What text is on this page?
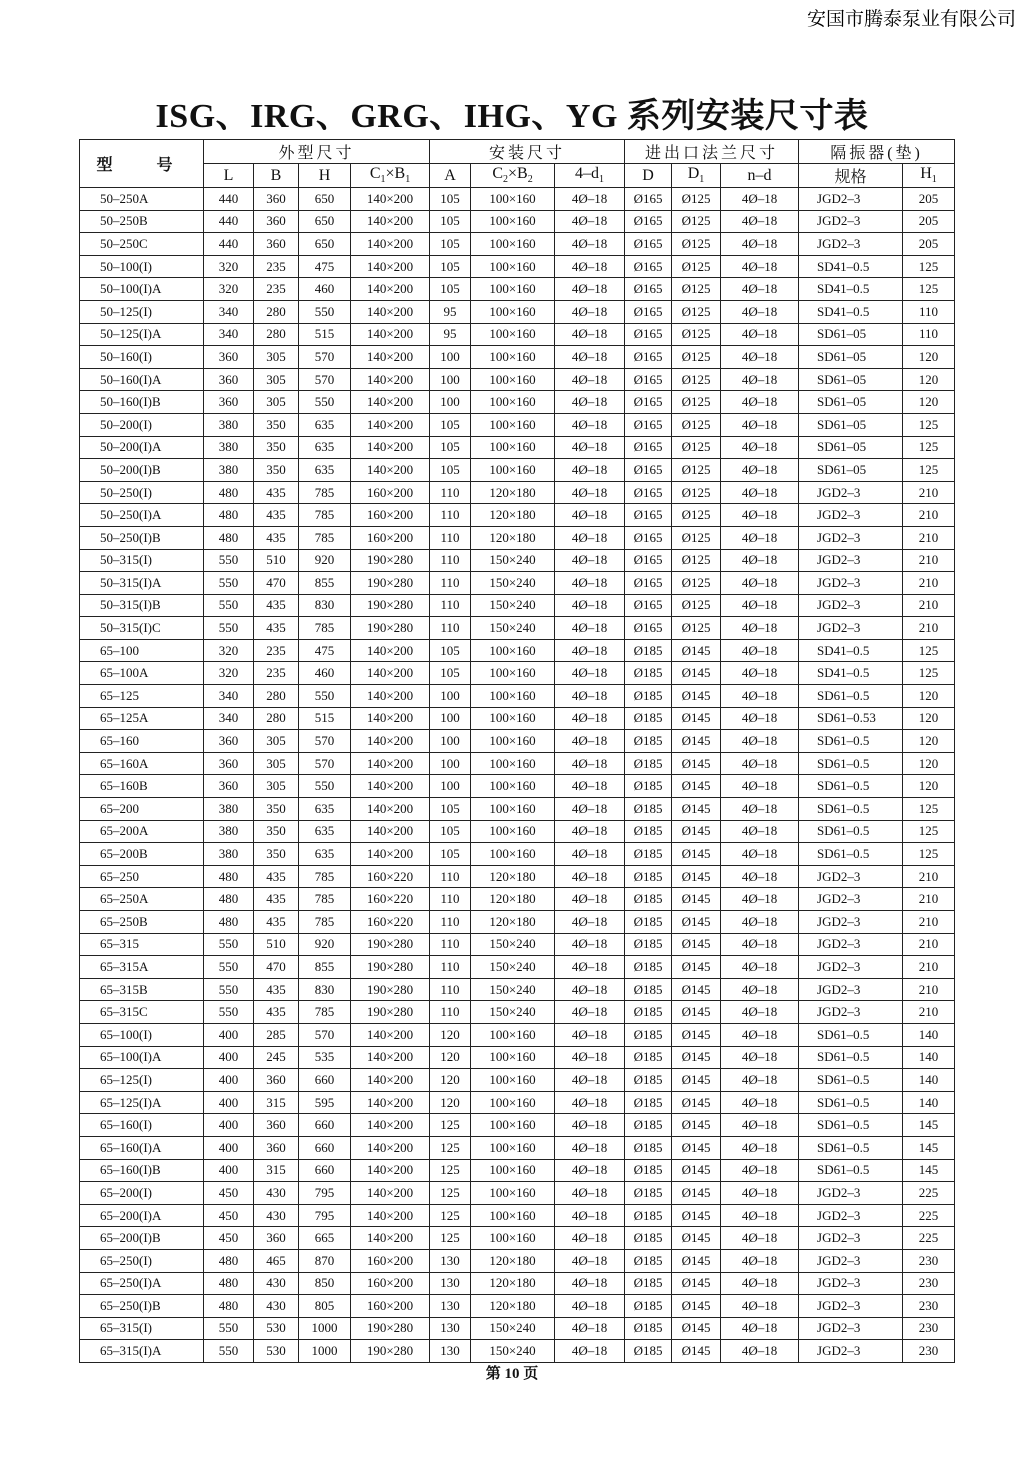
安国市腾泰泵业有限公司
ISG、IRG、GRG、IHG、YG 系列安装尺寸表
型　号	外型尺寸				安装尺寸			进出口法兰尺寸			隔振器(垫)	
	L	B	H	$C_1\times B_1$	A	$C_2\times B_2$	$4-d_1$	D	$D_1$	n–d	规格	$H_1$
50–250A	440	360	650	140×200	105	100×160	4Ø–18	Ø165	Ø125	4Ø–18	JGD2–3	205
50–250B	440	360	650	140×200	105	100×160	4Ø–18	Ø165	Ø125	4Ø–18	JGD2–3	205
50–250C	440	360	650	140×200	105	100×160	4Ø–18	Ø165	Ø125	4Ø–18	JGD2–3	205
50–100(I)	320	235	475	140×200	105	100×160	4Ø–18	Ø165	Ø125	4Ø–18	SD41–0.5	125
50–100(I)A	320	235	460	140×200	105	100×160	4Ø–18	Ø165	Ø125	4Ø–18	SD41–0.5	125
50–125(I)	340	280	550	140×200	95	100×160	4Ø–18	Ø165	Ø125	4Ø–18	SD41–0.5	110
50–125(I)A	340	280	515	140×200	95	100×160	4Ø–18	Ø165	Ø125	4Ø–18	SD61–05	110
50–160(I)	360	305	570	140×200	100	100×160	4Ø–18	Ø165	Ø125	4Ø–18	SD61–05	120
50–160(I)A	360	305	570	140×200	100	100×160	4Ø–18	Ø165	Ø125	4Ø–18	SD61–05	120
50–160(I)B	360	305	550	140×200	100	100×160	4Ø–18	Ø165	Ø125	4Ø–18	SD61–05	120
50–200(I)	380	350	635	140×200	105	100×160	4Ø–18	Ø165	Ø125	4Ø–18	SD61–05	125
50–200(I)A	380	350	635	140×200	105	100×160	4Ø–18	Ø165	Ø125	4Ø–18	SD61–05	125
50–200(I)B	380	350	635	140×200	105	100×160	4Ø–18	Ø165	Ø125	4Ø–18	SD61–05	125
50–250(I)	480	435	785	160×200	110	120×180	4Ø–18	Ø165	Ø125	4Ø–18	JGD2–3	210
50–250(I)A	480	435	785	160×200	110	120×180	4Ø–18	Ø165	Ø125	4Ø–18	JGD2–3	210
50–250(I)B	480	435	785	160×200	110	120×180	4Ø–18	Ø165	Ø125	4Ø–18	JGD2–3	210
50–315(I)	550	510	920	190×280	110	150×240	4Ø–18	Ø165	Ø125	4Ø–18	JGD2–3	210
50–315(I)A	550	470	855	190×280	110	150×240	4Ø–18	Ø165	Ø125	4Ø–18	JGD2–3	210
50–315(I)B	550	435	830	190×280	110	150×240	4Ø–18	Ø165	Ø125	4Ø–18	JGD2–3	210
50–315(I)C	550	435	785	190×280	110	150×240	4Ø–18	Ø165	Ø125	4Ø–18	JGD2–3	210
65–100	320	235	475	140×200	105	100×160	4Ø–18	Ø185	Ø145	4Ø–18	SD41–0.5	125
65–100A	320	235	460	140×200	105	100×160	4Ø–18	Ø185	Ø145	4Ø–18	SD41–0.5	125
65–125	340	280	550	140×200	100	100×160	4Ø–18	Ø185	Ø145	4Ø–18	SD61–0.5	120
65–125A	340	280	515	140×200	100	100×160	4Ø–18	Ø185	Ø145	4Ø–18	SD61–0.53	120
65–160	360	305	570	140×200	100	100×160	4Ø–18	Ø185	Ø145	4Ø–18	SD61–0.5	120
65–160A	360	305	570	140×200	100	100×160	4Ø–18	Ø185	Ø145	4Ø–18	SD61–0.5	120
65–160B	360	305	550	140×200	100	100×160	4Ø–18	Ø185	Ø145	4Ø–18	SD61–0.5	120
65–200	380	350	635	140×200	105	100×160	4Ø–18	Ø185	Ø145	4Ø–18	SD61–0.5	125
65–200A	380	350	635	140×200	105	100×160	4Ø–18	Ø185	Ø145	4Ø–18	SD61–0.5	125
65–200B	380	350	635	140×200	105	100×160	4Ø–18	Ø185	Ø145	4Ø–18	SD61–0.5	125
65–250	480	435	785	160×220	110	120×180	4Ø–18	Ø185	Ø145	4Ø–18	JGD2–3	210
65–250A	480	435	785	160×220	110	120×180	4Ø–18	Ø185	Ø145	4Ø–18	JGD2–3	210
65–250B	480	435	785	160×220	110	120×180	4Ø–18	Ø185	Ø145	4Ø–18	JGD2–3	210
65–315	550	510	920	190×280	110	150×240	4Ø–18	Ø185	Ø145	4Ø–18	JGD2–3	210
65–315A	550	470	855	190×280	110	150×240	4Ø–18	Ø185	Ø145	4Ø–18	JGD2–3	210
65–315B	550	435	830	190×280	110	150×240	4Ø–18	Ø185	Ø145	4Ø–18	JGD2–3	210
65–315C	550	435	785	190×280	110	150×240	4Ø–18	Ø185	Ø145	4Ø–18	JGD2–3	210
65–100(I)	400	285	570	140×200	120	100×160	4Ø–18	Ø185	Ø145	4Ø–18	SD61–0.5	140
65–100(I)A	400	245	535	140×200	120	100×160	4Ø–18	Ø185	Ø145	4Ø–18	SD61–0.5	140
65–125(I)	400	360	660	140×200	120	100×160	4Ø–18	Ø185	Ø145	4Ø–18	SD61–0.5	140
65–125(I)A	400	315	595	140×200	120	100×160	4Ø–18	Ø185	Ø145	4Ø–18	SD61–0.5	140
65–160(I)	400	360	660	140×200	125	100×160	4Ø–18	Ø185	Ø145	4Ø–18	SD61–0.5	145
65–160(I)A	400	360	660	140×200	125	100×160	4Ø–18	Ø185	Ø145	4Ø–18	SD61–0.5	145
65–160(I)B	400	315	660	140×200	125	100×160	4Ø–18	Ø185	Ø145	4Ø–18	SD61–0.5	145
65–200(I)	450	430	795	140×200	125	100×160	4Ø–18	Ø185	Ø145	4Ø–18	JGD2–3	225
65–200(I)A	450	430	795	140×200	125	100×160	4Ø–18	Ø185	Ø145	4Ø–18	JGD2–3	225
65–200(I)B	450	360	665	140×200	125	100×160	4Ø–18	Ø185	Ø145	4Ø–18	JGD2–3	225
65–250(I)	480	465	870	160×200	130	120×180	4Ø–18	Ø185	Ø145	4Ø–18	JGD2–3	230
65–250(I)A	480	430	850	160×200	130	120×180	4Ø–18	Ø185	Ø145	4Ø–18	JGD2–3	230
65–250(I)B	480	430	805	160×200	130	120×180	4Ø–18	Ø185	Ø145	4Ø–18	JGD2–3	230
65–315(I)	550	530	1000	190×280	130	150×240	4Ø–18	Ø185	Ø145	4Ø–18	JGD2–3	230
65–315(I)A	550	530	1000	190×280	130	150×240	4Ø–18	Ø185	Ø145	4Ø–18	JGD2–3	230
第 10 页
